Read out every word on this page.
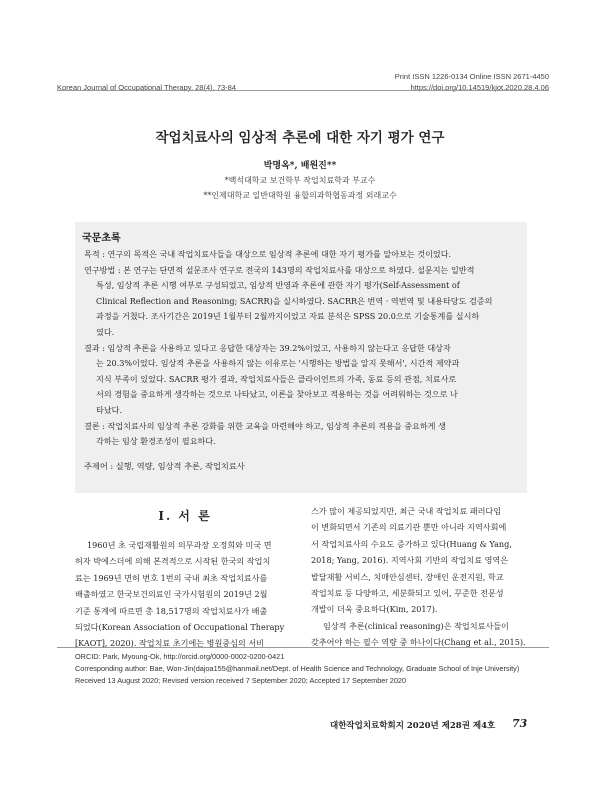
Korean Journal of Occupational Therapy, 28(4), 73-84
Print ISSN 1226-0134 Online ISSN 2671-4450
https://doi.org/10.14519/kjot.2020.28.4.06
작업치료사의 임상적 추론에 대한 자기 평가 연구
박명옥*, 배원진**
*백석대학교 보건학부 작업치료학과 부교수
**인제대학교 일반대학원 융합의과학협동과정 외래교수
국문초록

목적 : 연구의 목적은 국내 작업치료사들을 대상으로 임상적 추론에 대한 자기 평가를 알아보는 것이었다.

연구방법 : 본 연구는 단면적 설문조사 연구로 전국의 143명의 작업치료사를 대상으로 하였다. 설문지는 일반적

특성, 임상적 추론 시행 여부로 구성되었고, 임상적 반영과 추론에 관한 자기 평가(Self-Assessment of

Clinical Reflection and Reasoning; SACRR)을 실시하였다. SACRR은 번역 · 역번역 및 내용타당도 검증의

과정을 거쳤다. 조사기간은 2019년 1월부터 2월까지이었고 자료 분석은 SPSS 20.0으로 기술통계를 실시하

였다.

결과 : 임상적 추론을 사용하고 있다고 응답한 대상자는 39.2%이었고, 사용하지 않는다고 응답한 대상자

는 20.3%이었다. 임상적 추론을 사용하지 않는 이유로는 '시행하는 방법을 알지 못해서', 시간적 제약과

지식 부족이 있었다. SACRR 평가 결과, 작업치료사들은 클라이언트의 가족, 동료 등의 관점, 치료사로

서의 경험을 중요하게 생각하는 것으로 나타났고, 이론을 찾아보고 적용하는 것을 어려워하는 것으로 나

타났다.

결론 : 작업치료사의 임상적 추론 강화를 위한 교육을 마련해야 하고, 임상적 추론의 적용을 중요하게 생

각하는 임상 환경조성이 필요하다.

주제어 : 실행, 역량, 임상적 추론, 작업치료사
Ⅰ. 서 론

1960년 초 국립재활원의 의무과장 오정희와 미국 면

허자 박에스더에 의해 본격적으로 시작된 한국의 작업치

료는 1969년 면허 번호 1번의 국내 최초 작업치료사를

배출하였고 한국보건의료인 국가시험원의 2019년 2월

기준 통계에 따르면 총 18,517명의 작업치료사가 배출

되었다(Korean Association of Occupational Therapy

[KAOT], 2020). 작업치료 초기에는 병원중심의 서비

스가 많이 제공되었지만, 최근 국내 작업치료 패러다임

이 변화되면서 기존의 의료기관 뿐만 아니라 지역사회에

서 작업치료사의 수요도 증가하고 있다(Huang & Yang,

2018; Yang, 2016). 지역사회 기반의 작업치료 영역은

발달재활 서비스, 치매안심센터, 장애인 운전지원, 학교

작업치료 등 다양하고, 세분화되고 있어, 꾸준한 전문성

개발이 더욱 중요하다(Kim, 2017).

임상적 추론(clinical reasoning)은 작업치료사들이

갖추어야 하는 필수 역량 중 하나이다(Chang et al., 2015).

ORCID: Park, Myoung-Ok, http://orcid.org/0000-0002-0200-0421
Corresponding author: Bae, Won-Jin(dajoa155@hanmail.net/Dept. of Health Science and Technology, Graduate School of Inje University)
Received 13 August 2020; Revised version received 7 September 2020; Accepted 17 September 2020
대한작업치료학회지 2020년 제28권 제4호 73
